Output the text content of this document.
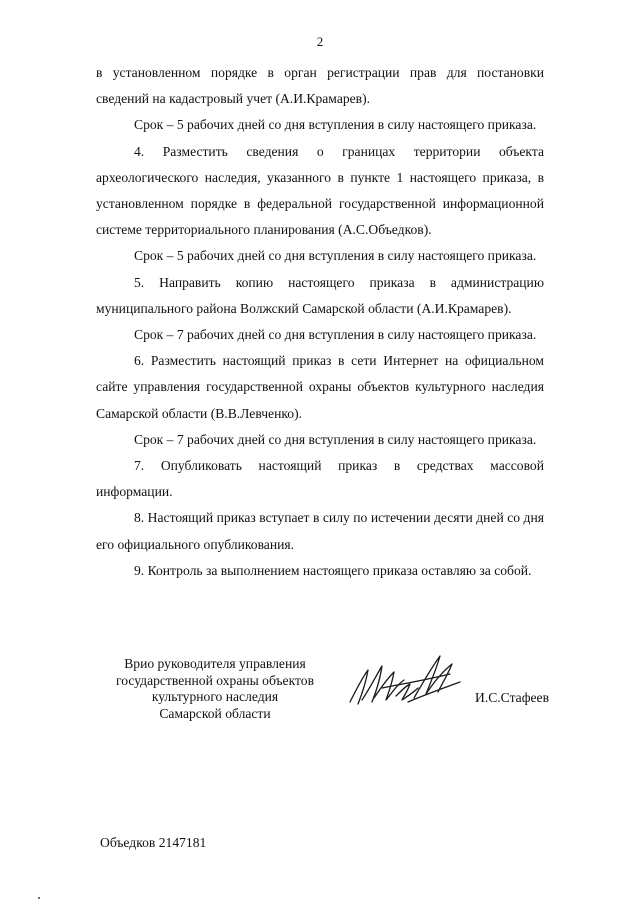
2

в установленном порядке в орган регистрации прав для постановки сведений на кадастровый учет (А.И.Крамарев).

Срок – 5 рабочих дней со дня вступления в силу настоящего приказа.

4. Разместить сведения о границах территории объекта археологического наследия, указанного в пункте 1 настоящего приказа, в установленном порядке в федеральной государственной информационной системе территориального планирования (А.С.Объедков).

Срок – 5 рабочих дней со дня вступления в силу настоящего приказа.

5. Направить копию настоящего приказа в администрацию муниципального района Волжский Самарской области (А.И.Крамарев).

Срок – 7 рабочих дней со дня вступления в силу настоящего приказа.

6. Разместить настоящий приказ в сети Интернет на официальном сайте управления государственной охраны объектов культурного наследия Самарской области (В.В.Левченко).

Срок – 7 рабочих дней со дня вступления в силу настоящего приказа.

7. Опубликовать настоящий приказ в средствах массовой информации.

8. Настоящий приказ вступает в силу по истечении десяти дней со дня его официального опубликования.

9. Контроль за выполнением настоящего приказа оставляю за собой.

Врио руководителя управления
государственной охраны объектов
культурного наследия
Самарской области
И.С.Стафеев
Объедков 2147181
